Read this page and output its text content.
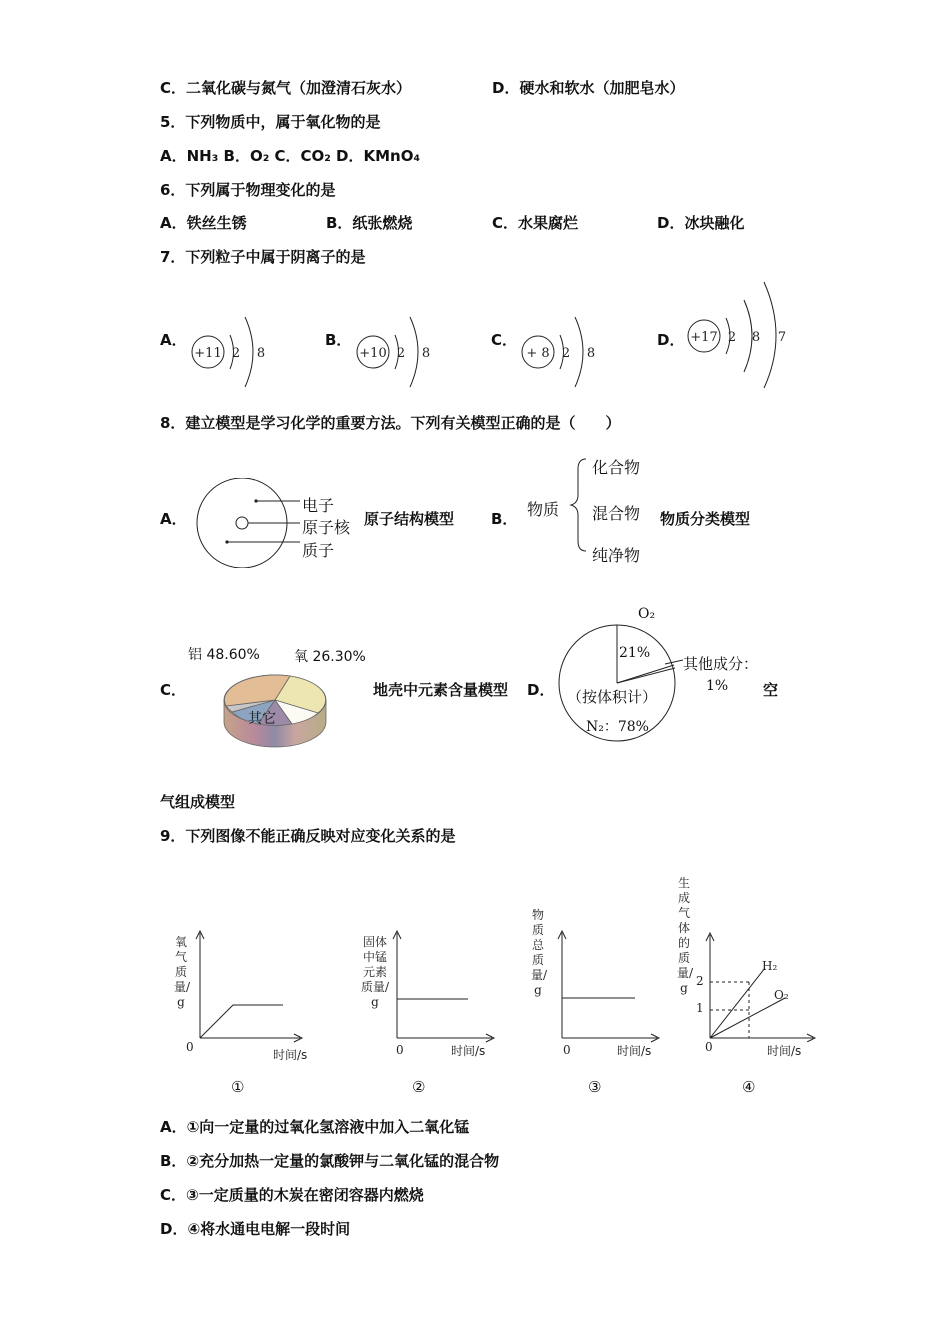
C．二氧化碳与氮气（加澄清石灰水）	D．硬水和软水（加肥皂水）
5．下列物质中，属于氧化物的是
A．NH₃ B．O₂ C．CO₂ D．KMnO₄
6．下列属于物理变化的是
A．铁丝生锈	B．纸张燃烧	C．水果腐烂	D．冰块融化
7．下列粒子中属于阴离子的是
A．
+11 2 8
B．
+10 2 8
C．
+ 8 2 8
D． +17 2 8 7
8．建立模型是学习化学的重要方法。下列有关模型正确的是（　　）
A．
电子
原子核
质子
原子结构模型 B． 物质
化合物
混合物
纯净物
物质分类模型
C．
铝 48.60% 氧 26.30%
其它
地壳中元素含量模型 D．
O₂
21%
其他成分：
1%
（按体积计）
N₂：78%
空
气组成模型
9．下列图像不能正确反映对应变化关系的是
氧气质量/g
0
时间/s
①
固体中锰元素质量/g
0	时间/s
②
物质总质量/g
0	时间/s
③
生成气体的质量/g 2
1
H₂
O₂
0	时间/s
④
A．①向一定量的过氧化氢溶液中加入二氧化锰
B．②充分加热一定量的氯酸钾与二氧化锰的混合物
C．③一定质量的木炭在密闭容器内燃烧
D．④将水通电电解一段时间
